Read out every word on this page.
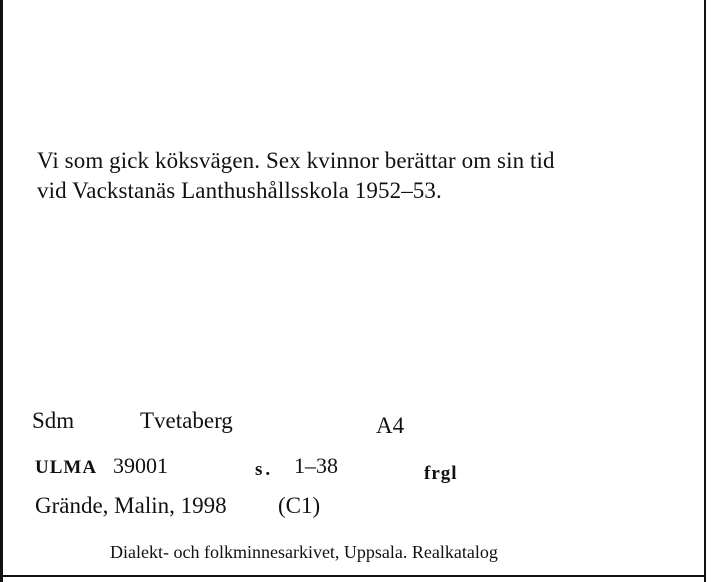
Vi som gick köksvägen. Sex kvinnor berättar om sin tid
vid Vackstanäs Lanthushållsskola 1952–53.
Sdm	Tvetaberg	A4
ULMA 39001	s. 1–38	frgl
Grände, Malin, 1998 (C1)
Dialekt- och folkminnesarkivet, Uppsala. Realkatalog
